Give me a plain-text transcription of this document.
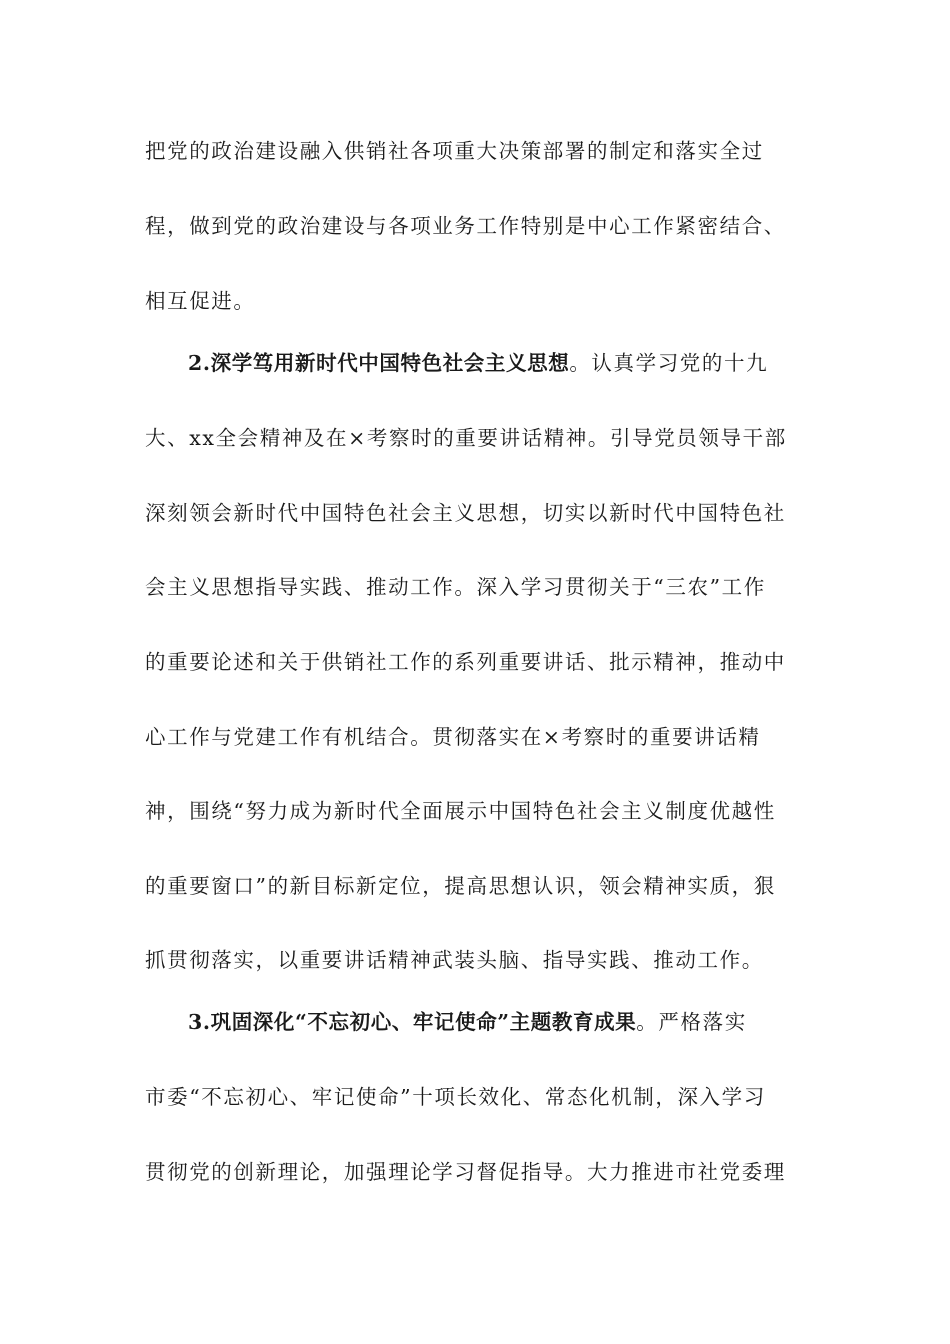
把党的政治建设融入供销社各项重大决策部署的制定和落实全过
程，做到党的政治建设与各项业务工作特别是中心工作紧密结合、
相互促进。
2.深学笃用新时代中国特色社会主义思想。认真学习党的十九
大、xx全会精神及在×考察时的重要讲话精神。引导党员领导干部
深刻领会新时代中国特色社会主义思想，切实以新时代中国特色社
会主义思想指导实践、推动工作。深入学习贯彻关于“三农”工作
的重要论述和关于供销社工作的系列重要讲话、批示精神，推动中
心工作与党建工作有机结合。贯彻落实在×考察时的重要讲话精
神，围绕“努力成为新时代全面展示中国特色社会主义制度优越性
的重要窗口”的新目标新定位，提高思想认识，领会精神实质，狠
抓贯彻落实，以重要讲话精神武装头脑、指导实践、推动工作。
3.巩固深化“不忘初心、牢记使命”主题教育成果。严格落实
市委“不忘初心、牢记使命”十项长效化、常态化机制，深入学习
贯彻党的创新理论，加强理论学习督促指导。大力推进市社党委理
